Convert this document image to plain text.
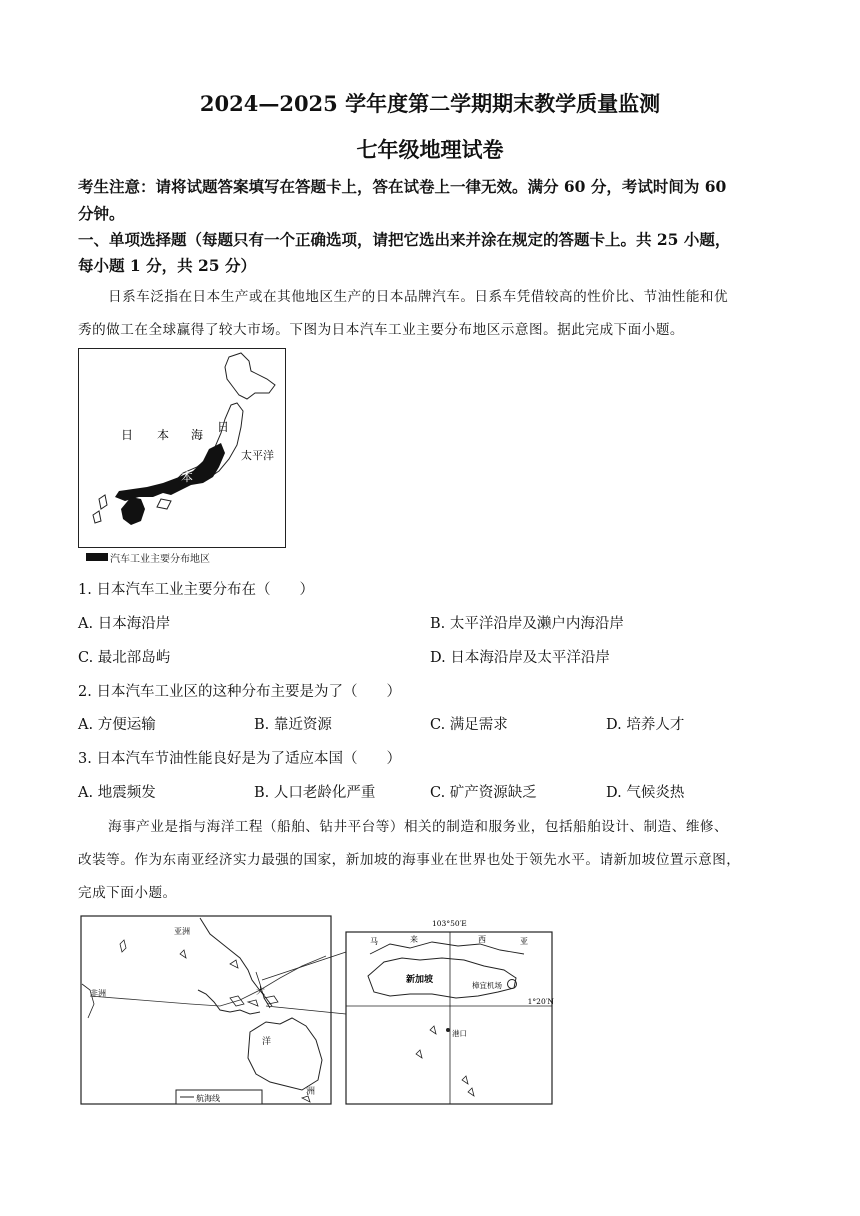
2024—2025 学年度第二学期期末教学质量监测
七年级地理试卷
考生注意：请将试题答案填写在答题卡上，答在试卷上一律无效。满分 60 分，考试时间为 60
分钟。
一、单项选择题（每题只有一个正确选项，请把它选出来并涂在规定的答题卡上。共 25 小题，
每小题 1 分，共 25 分）
日系车泛指在日本生产或在其他地区生产的日本品牌汽车。日系车凭借较高的性价比、节油性能和优
秀的做工在全球赢得了较大市场。下图为日本汽车工业主要分布地区示意图。据此完成下面小题。
日 本 海
日
本
太平洋
汽车工业主要分布地区
1. 日本汽车工业主要分布在（　　）
A. 日本海沿岸	B. 太平洋沿岸及濑户内海沿岸
C. 最北部岛屿	D. 日本海沿岸及太平洋沿岸
2. 日本汽车工业区的这种分布主要是为了（　　）
A. 方便运输	B. 靠近资源	C. 满足需求	D. 培养人才
3. 日本汽车节油性能良好是为了适应本国（　　）
A. 地震频发	B. 人口老龄化严重	C. 矿产资源缺乏	D. 气候炎热
海事产业是指与海洋工程（船舶、钻井平台等）相关的制造和服务业，包括船舶设计、制造、维修、
改装等。作为东南亚经济实力最强的国家，新加坡的海事业在世界也处于领先水平。请新加坡位置示意图，
完成下面小题。
亚洲
非洲	大
洋
洲
航海线
103°50′E
1°20′N
马	来	西	亚
新加坡
樟宜机场
港口
